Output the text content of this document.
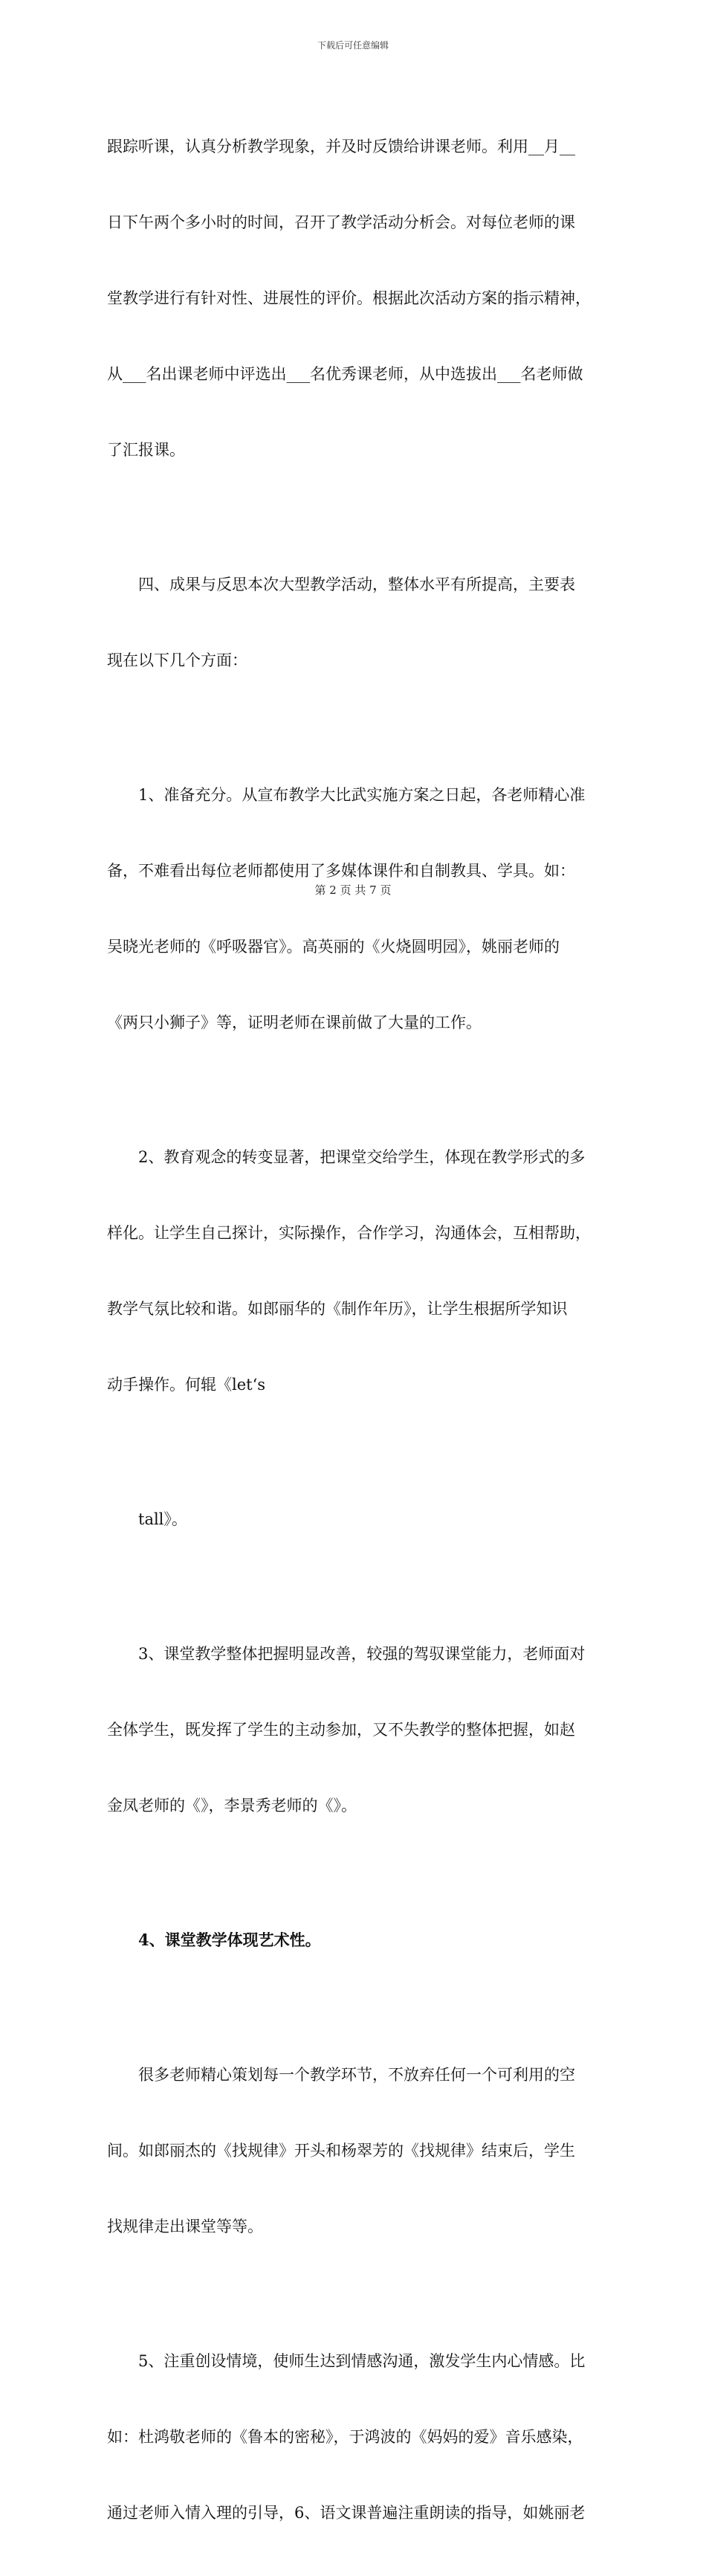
下载后可任意编辑

跟踪听课，认真分析教学现象，并及时反馈给讲课老师。利用__月__

日下午两个多小时的时间，召开了教学活动分析会。对每位老师的课

堂教学进行有针对性、进展性的评价。根据此次活动方案的指示精神，

从___名出课老师中评选出___名优秀课老师，从中选拔出___名老师做

了汇报课。

四、成果与反思本次大型教学活动，整体水平有所提高，主要表

现在以下几个方面：

1、准备充分。从宣布教学大比武实施方案之日起，各老师精心准

备，不难看出每位老师都使用了多媒体课件和自制教具、学具。如：

吴晓光老师的《呼吸器官》。高英丽的《火烧圆明园》，姚丽老师的

《两只小狮子》等，证明老师在课前做了大量的工作。

2、教育观念的转变显著，把课堂交给学生，体现在教学形式的多

样化。让学生自己探计，实际操作，合作学习，沟通体会，互相帮助，

教学气氛比较和谐。如郎丽华的《制作年历》，让学生根据所学知识

动手操作。何辊《let‘s

tall》。

3、课堂教学整体把握明显改善，较强的驾驭课堂能力，老师面对

全体学生，既发挥了学生的主动参加，又不失教学的整体把握，如赵

金凤老师的《》，李景秀老师的《》。

4、课堂教学体现艺术性。

很多老师精心策划每一个教学环节，不放弃任何一个可利用的空

间。如郎丽杰的《找规律》开头和杨翠芳的《找规律》结束后，学生

找规律走出课堂等等。

5、注重创设情境，使师生达到情感沟通，激发学生内心情感。比

如：杜鸿敬老师的《鲁本的密秘》，于鸿波的《妈妈的爱》音乐感染，

通过老师入情入理的引导，6、语文课普遍注重朗读的指导，如姚丽老

第 2 页 共 7 页
